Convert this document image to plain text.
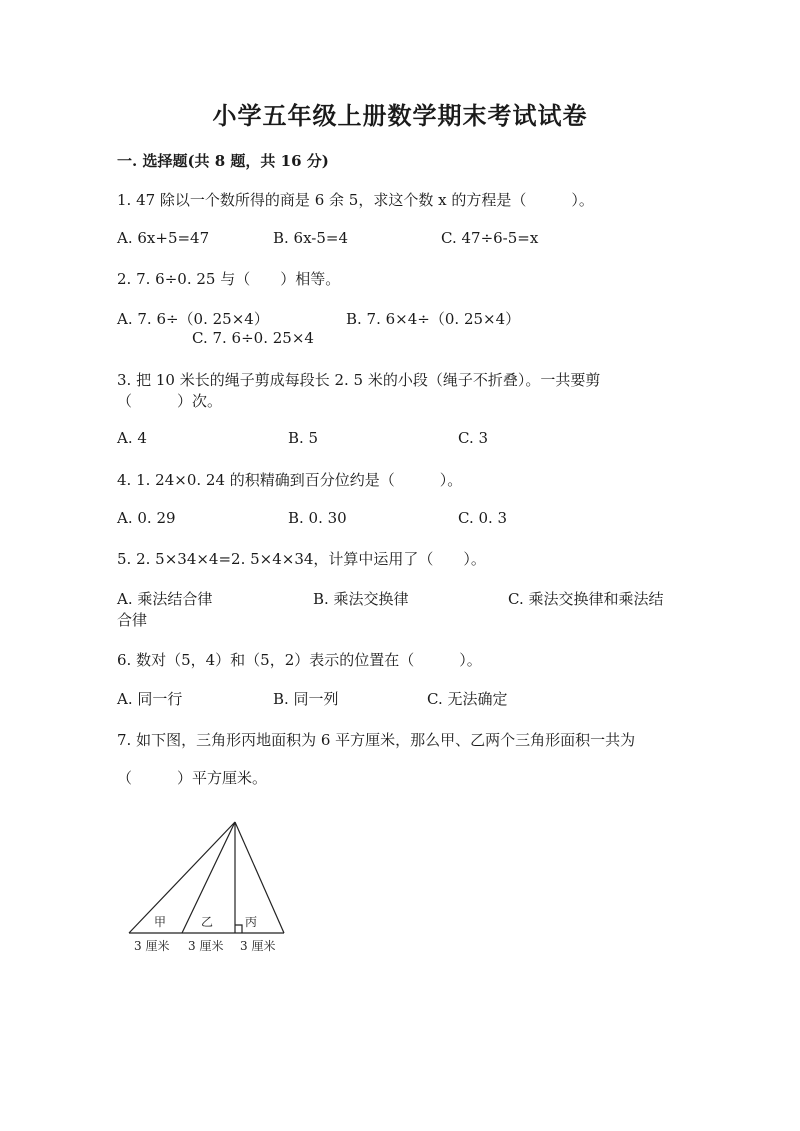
小学五年级上册数学期末考试试卷
一. 选择题(共 8 题，共 16 分)
1. 47 除以一个数所得的商是 6 余 5，求这个数 x 的方程是（　　　）。
A. 6x+5=47	B. 6x-5=4	C. 47÷6-5=x
2. 7. 6÷0. 25 与（　　）相等。
A. 7. 6÷（0. 25×4）	B. 7. 6×4÷（0. 25×4）
C. 7. 6÷0. 25×4
3. 把 10 米长的绳子剪成每段长 2. 5 米的小段（绳子不折叠）。一共要剪
（　　　）次。
A. 4	B. 5	C. 3
4. 1. 24×0. 24 的积精确到百分位约是（　　　）。
A. 0. 29	B. 0. 30	C. 0. 3
5. 2. 5×34×4=2. 5×4×34，计算中运用了（　　）。
A. 乘法结合律	B. 乘法交换律	C. 乘法交换律和乘法结
合律
6. 数对（5，4）和（5，2）表示的位置在（　　　）。
A. 同一行	B. 同一列	C. 无法确定
7. 如下图，三角形丙地面积为 6 平方厘米，那么甲、乙两个三角形面积一共为
（　　　）平方厘米。
甲	乙	丙
3 厘米 3 厘米 3 厘米
